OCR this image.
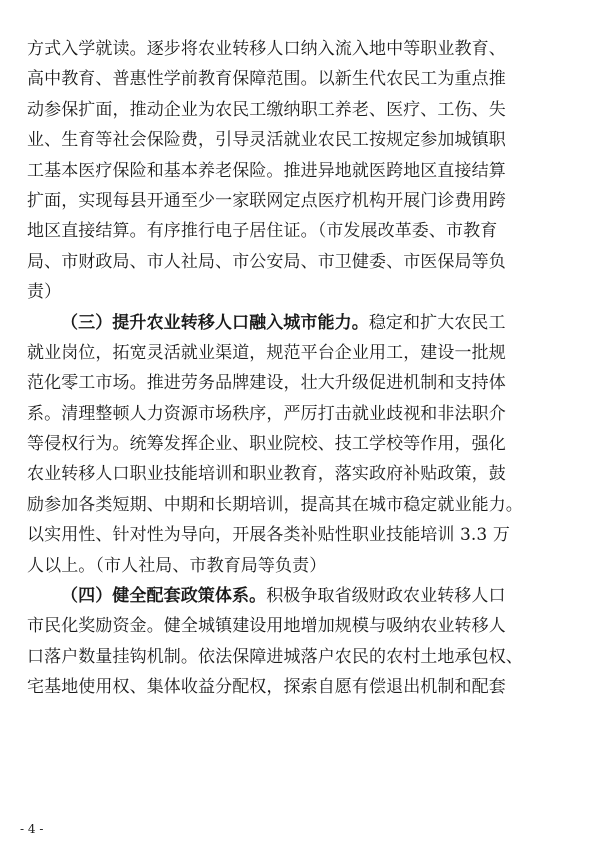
方式入学就读。逐步将农业转移人口纳入流入地中等职业教育、
高中教育、普惠性学前教育保障范围。以新生代农民工为重点推
动参保扩面，推动企业为农民工缴纳职工养老、医疗、工伤、失
业、生育等社会保险费，引导灵活就业农民工按规定参加城镇职
工基本医疗保险和基本养老保险。推进异地就医跨地区直接结算
扩面，实现每县开通至少一家联网定点医疗机构开展门诊费用跨
地区直接结算。有序推行电子居住证。（市发展改革委、市教育
局、市财政局、市人社局、市公安局、市卫健委、市医保局等负
责）
（三）提升农业转移人口融入城市能力。稳定和扩大农民工
就业岗位，拓宽灵活就业渠道，规范平台企业用工，建设一批规
范化零工市场。推进劳务品牌建设，壮大升级促进机制和支持体
系。清理整顿人力资源市场秩序，严厉打击就业歧视和非法职介
等侵权行为。统筹发挥企业、职业院校、技工学校等作用，强化
农业转移人口职业技能培训和职业教育，落实政府补贴政策，鼓
励参加各类短期、中期和长期培训，提高其在城市稳定就业能力。
以实用性、针对性为导向，开展各类补贴性职业技能培训 3.3 万
人以上。（市人社局、市教育局等负责）
（四）健全配套政策体系。积极争取省级财政农业转移人口
市民化奖励资金。健全城镇建设用地增加规模与吸纳农业转移人
口落户数量挂钩机制。依法保障进城落户农民的农村土地承包权、
宅基地使用权、集体收益分配权，探索自愿有偿退出机制和配套
- 4 -
